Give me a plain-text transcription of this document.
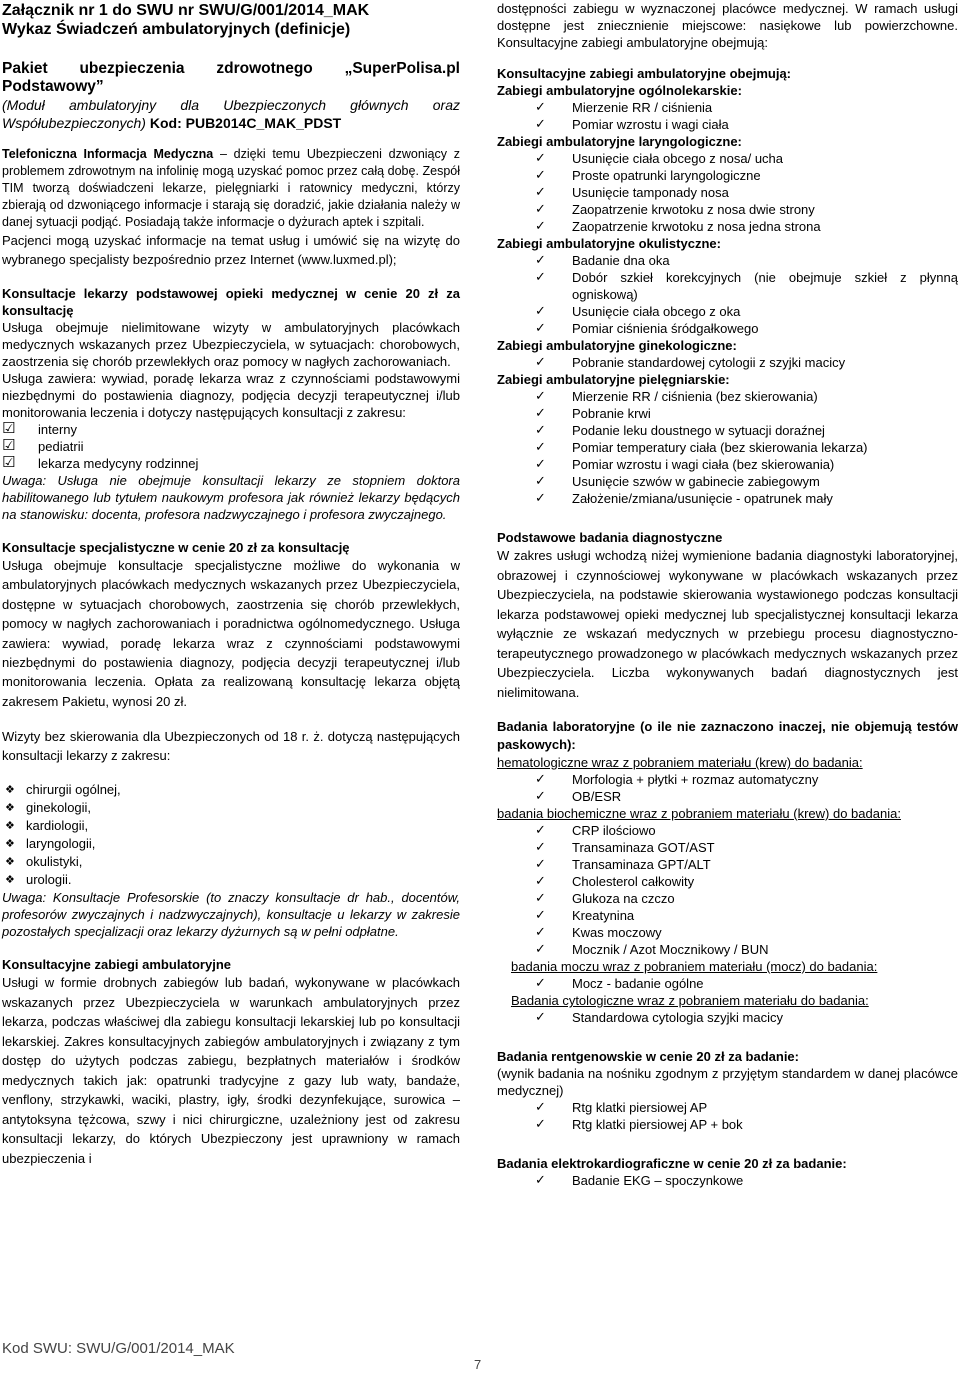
Załącznik nr 1 do SWU nr SWU/G/001/2014_MAK
Wykaz Świadczeń ambulatoryjnych (definicje)
Pakiet ubezpieczenia zdrowotnego „SuperPolisa.pl
Podstawowy”

(Moduł ambulatoryjny dla Ubezpieczonych głównych oraz Współubezpieczonych) Kod: PUB2014C_MAK_PDST

Telefoniczna Informacja Medyczna – dzięki temu Ubezpieczeni dzwoniący z problemem zdrowotnym na infolinię mogą uzyskać pomoc przez całą dobę. Zespół TIM tworzą doświadczeni lekarze, pielęgniarki i ratownicy medyczni, którzy zbierają od dzwoniącego informacje i starają się doradzić, jakie działania należy w danej sytuacji podjąć. Posiadają także informacje o dyżurach aptek i szpitali.

Pacjenci mogą uzyskać informacje na temat usług i umówić się na wizytę do wybranego specjalisty bezpośrednio przez Internet (www.luxmed.pl);

Konsultacje lekarzy podstawowej opieki medycznej w cenie 20 zł za konsultację

Usługa obejmuje nielimitowane wizyty w ambulatoryjnych placówkach medycznych wskazanych przez Ubezpieczyciela, w sytuacjach: chorobowych, zaostrzenia się chorób przewlekłych oraz pomocy w nagłych zachorowaniach.

Usługa zawiera: wywiad, poradę lekarza wraz z czynnościami podstawowymi niezbędnymi do postawienia diagnozy, podjęcia decyzji terapeutycznej i/lub monitorowania leczenia i dotyczy następujących konsultacji z zakresu:

☑ interny
☑ pediatrii
☑ lekarza medycyny rodzinnej

Uwaga: Usługa nie obejmuje konsultacji lekarzy ze stopniem doktora habilitowanego lub tytułem naukowym profesora jak również lekarzy będących na stanowisku: docenta, profesora nadzwyczajnego i profesora zwyczajnego.

Konsultacje specjalistyczne w cenie 20 zł za konsultację

Usługa obejmuje konsultacje specjalistyczne możliwe do wykonania w ambulatoryjnych placówkach medycznych wskazanych przez Ubezpieczyciela, dostępne w sytuacjach chorobowych, zaostrzenia się chorób przewlekłych, pomocy w nagłych zachorowaniach i poradnictwa ogólnomedycznego. Usługa zawiera: wywiad, poradę lekarza wraz z czynnościami podstawowymi niezbędnymi do postawienia diagnozy, podjęcia decyzji terapeutycznej i/lub monitorowania leczenia. Opłata za realizowaną konsultację lekarza objętą zakresem Pakietu, wynosi 20 zł.

Wizyty bez skierowania dla Ubezpieczonych od 18 r. ż. dotyczą następujących konsultacji lekarzy z zakresu:

❖ chirurgii ogólnej,
❖ ginekologii,
❖ kardiologii,
❖ laryngologii,
❖ okulistyki,
❖ urologii.

Uwaga: Konsultacje Profesorskie (to znaczy konsultacje dr hab., docentów, profesorów zwyczajnych i nadzwyczajnych), konsultacje u lekarzy w zakresie pozostałych specjalizacji oraz lekarzy dyżurnych są w pełni odpłatne.

Konsultacyjne zabiegi ambulatoryjne

Usługi w formie drobnych zabiegów lub badań, wykonywane w placówkach wskazanych przez Ubezpieczyciela w warunkach ambulatoryjnych przez lekarza, podczas właściwej dla zabiegu konsultacji lekarskiej lub po konsultacji lekarskiej. Zakres konsultacyjnych zabiegów ambulatoryjnych i związany z tym dostęp do użytych podczas zabiegu, bezpłatnych materiałów i środków medycznych takich jak: opatrunki tradycyjne z gazy lub waty, bandaże, venflony, strzykawki, waciki, plastry, igły, środki dezynfekujące, surowica – antytoksyna tężcowa, szwy i nici chirurgiczne, uzależniony jest od zakresu konsultacji lekarzy, do których Ubezpieczony jest uprawniony w ramach ubezpieczenia i

dostępności zabiegu w wyznaczonej placówce medycznej. W ramach usługi dostępne jest zniecznienie miejscowe: nasiękowe lub powierzchowne. Konsultacyjne zabiegi ambulatoryjne obejmują:

Konsultacyjne zabiegi ambulatoryjne obejmują:

Zabiegi ambulatoryjne ogólnolekarskie:

✓ Mierzenie RR / ciśnienia
✓ Pomiar wzrostu i wagi ciała

Zabiegi ambulatoryjne laryngologiczne:

✓ Usunięcie ciała obcego z nosa/ ucha
✓ Proste opatrunki laryngologiczne
✓ Usunięcie tamponady nosa
✓ Zaopatrzenie krwotoku z nosa dwie strony
✓ Zaopatrzenie krwotoku z nosa jedna strona

Zabiegi ambulatoryjne okulistyczne:

✓ Badanie dna oka
✓ Dobór szkieł korekcyjnych (nie obejmuje szkieł z płynną ogniskową)
✓ Usunięcie ciała obcego z oka
✓ Pomiar ciśnienia śródgałkowego

Zabiegi ambulatoryjne ginekologiczne:

✓ Pobranie standardowej cytologii z szyjki macicy

Zabiegi ambulatoryjne pielęgniarskie:

✓ Mierzenie RR / ciśnienia (bez skierowania)
✓ Pobranie krwi
✓ Podanie leku doustnego w sytuacji doraźnej
✓ Pomiar temperatury ciała (bez skierowania lekarza)
✓ Pomiar wzrostu i wagi ciała (bez skierowania)
✓ Usunięcie szwów w gabinecie zabiegowym
✓ Założenie/zmiana/usunięcie - opatrunek mały

Podstawowe badania diagnostyczne

W zakres usługi wchodzą niżej wymienione badania diagnostyki laboratoryjnej, obrazowej i czynnościowej wykonywane w placówkach wskazanych przez Ubezpieczyciela, na podstawie skierowania wystawionego podczas konsultacji lekarza podstawowej opieki medycznej lub specjalistycznej konsultacji lekarza wyłącznie ze wskazań medycznych w przebiegu procesu diagnostyczno-terapeutycznego prowadzonego w placówkach medycznych wskazanych przez Ubezpieczyciela. Liczba wykonywanych badań diagnostycznych jest nielimitowana.

Badania laboratoryjne (o ile nie zaznaczono inaczej, nie objemują testów paskowych):

hematologiczne wraz z pobraniem materiału (krew) do badania:

✓ Morfologia + płytki + rozmaz automatyczny
✓ OB/ESR

badania biochemiczne wraz z pobraniem materiału (krew) do badania:

✓ CRP ilościowo
✓ Transaminaza GOT/AST
✓ Transaminaza GPT/ALT
✓ Cholesterol całkowity
✓ Glukoza na czczo
✓ Kreatynina
✓ Kwas moczowy
✓ Mocznik / Azot Mocznikowy / BUN

badania moczu wraz z pobraniem materiału (mocz) do badania:

✓ Mocz - badanie ogólne

Badania cytologiczne wraz z pobraniem materiału do badania:

✓ Standardowa cytologia szyjki macicy

Badania rentgenowskie w cenie 20 zł za badanie:

(wynik badania na nośniku zgodnym z przyjętym standardem w danej placówce medycznej)

✓ Rtg klatki piersiowej AP
✓ Rtg klatki piersiowej AP + bok

Badania elektrokardiograficzne w cenie 20 zł za badanie:

✓ Badanie EKG – spoczynkowe
Kod SWU: SWU/G/001/2014_MAK
7
